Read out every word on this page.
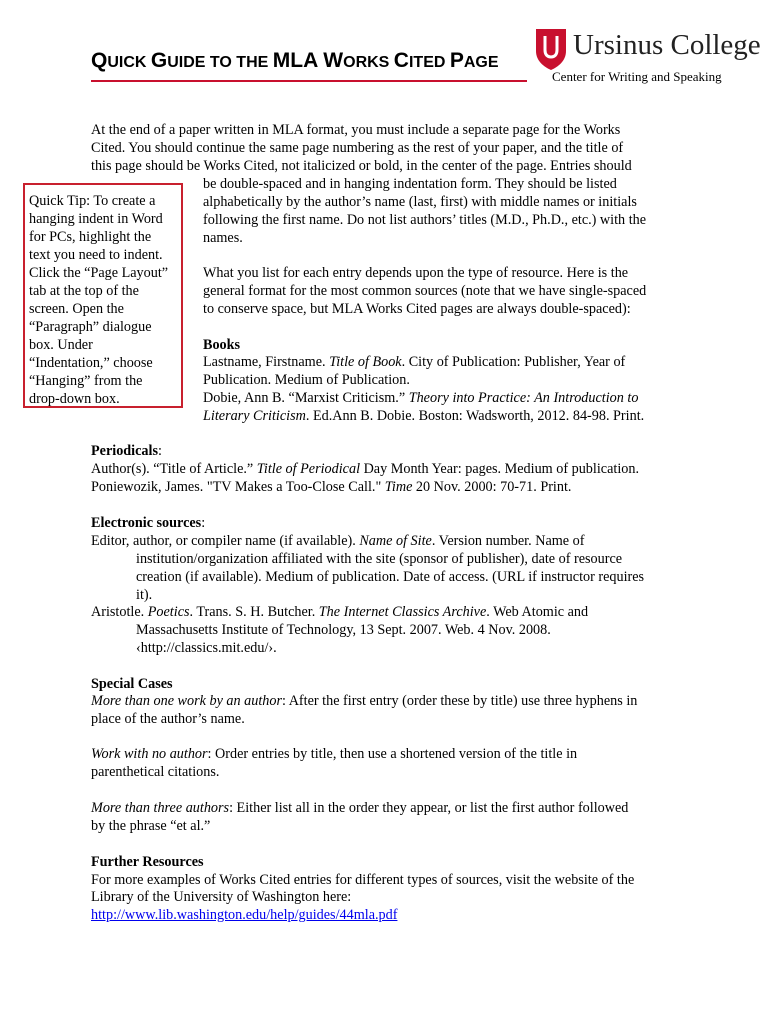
QUICK GUIDE TO THE MLA WORKS CITED PAGE
Ursinus College
Center for Writing and Speaking
At the end of a paper written in MLA format, you must include a separate page for the Works
Cited. You should continue the same page numbering as the rest of your paper, and the title of
this page should be Works Cited, not italicized or bold, in the center of the page. Entries should
be double-spaced and in hanging indentation form. They should be listed
alphabetically by the author’s name (last, first) with middle names or initials
following the first name. Do not list authors’ titles (M.D., Ph.D., etc.) with the
names.
Quick Tip: To create a
hanging indent in Word
for PCs, highlight the
text you need to indent.
Click the “Page Layout”
tab at the top of the
screen. Open the
“Paragraph” dialogue
box. Under
“Indentation,” choose
“Hanging” from the
drop-down box.
What you list for each entry depends upon the type of resource. Here is the
general format for the most common sources (note that we have single-spaced
to conserve space, but MLA Works Cited pages are always double-spaced):
Books
Lastname, Firstname. Title of Book. City of Publication: Publisher, Year of
Publication. Medium of Publication.
Dobie, Ann B. “Marxist Criticism.” Theory into Practice: An Introduction to
Literary Criticism. Ed.Ann B. Dobie. Boston: Wadsworth, 2012. 84-98. Print.
Periodicals:
Author(s). “Title of Article.” Title of Periodical Day Month Year: pages. Medium of publication.
Poniewozik, James. "TV Makes a Too-Close Call." Time 20 Nov. 2000: 70-71. Print.
Electronic sources:
Editor, author, or compiler name (if available). Name of Site. Version number. Name of
institution/organization affiliated with the site (sponsor of publisher), date of resource
creation (if available). Medium of publication. Date of access. (URL if instructor requires
it).
Aristotle. Poetics. Trans. S. H. Butcher. The Internet Classics Archive. Web Atomic and
Massachusetts Institute of Technology, 13 Sept. 2007. Web. 4 Nov. 2008.
‹http://classics.mit.edu/›.
Special Cases
More than one work by an author: After the first entry (order these by title) use three hyphens in
place of the author’s name.
Work with no author: Order entries by title, then use a shortened version of the title in
parenthetical citations.
More than three authors: Either list all in the order they appear, or list the first author followed
by the phrase “et al.”
Further Resources
For more examples of Works Cited entries for different types of sources, visit the website of the
Library of the University of Washington here:
http://www.lib.washington.edu/help/guides/44mla.pdf
